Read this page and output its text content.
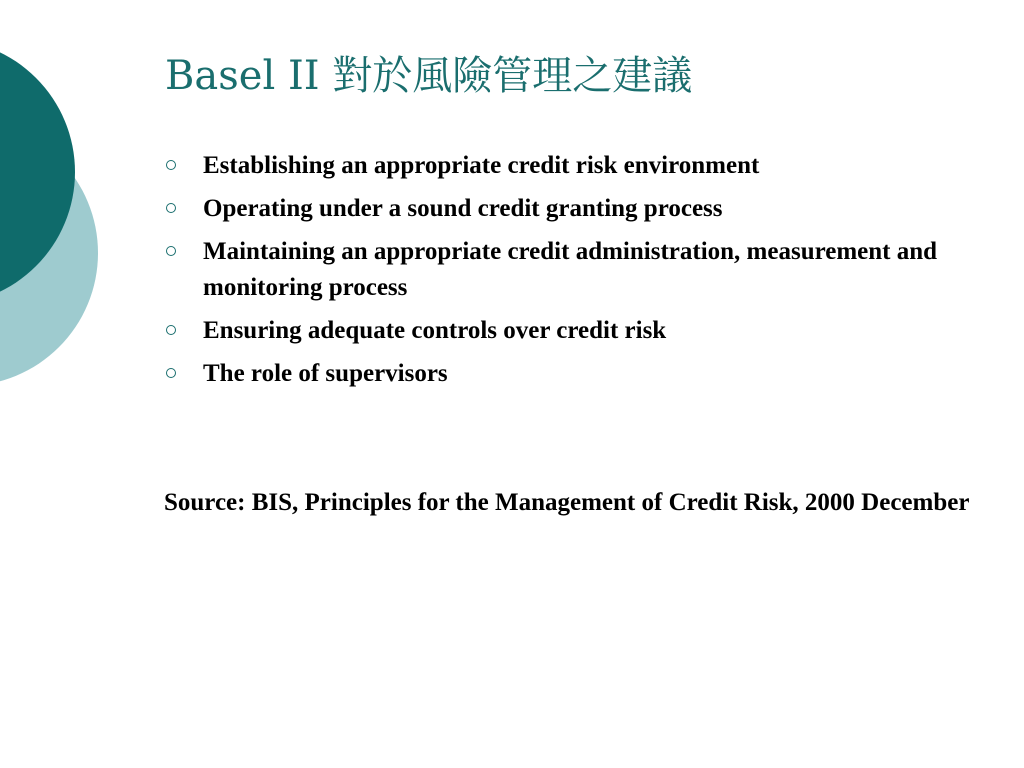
Basel II 對於風險管理之建議
Establishing an appropriate credit risk environment
Operating under a sound credit granting process
Maintaining an appropriate credit administration, measurement and monitoring process
Ensuring adequate controls over credit risk
The role of supervisors

Source: BIS, Principles for the Management of Credit Risk, 2000 December
